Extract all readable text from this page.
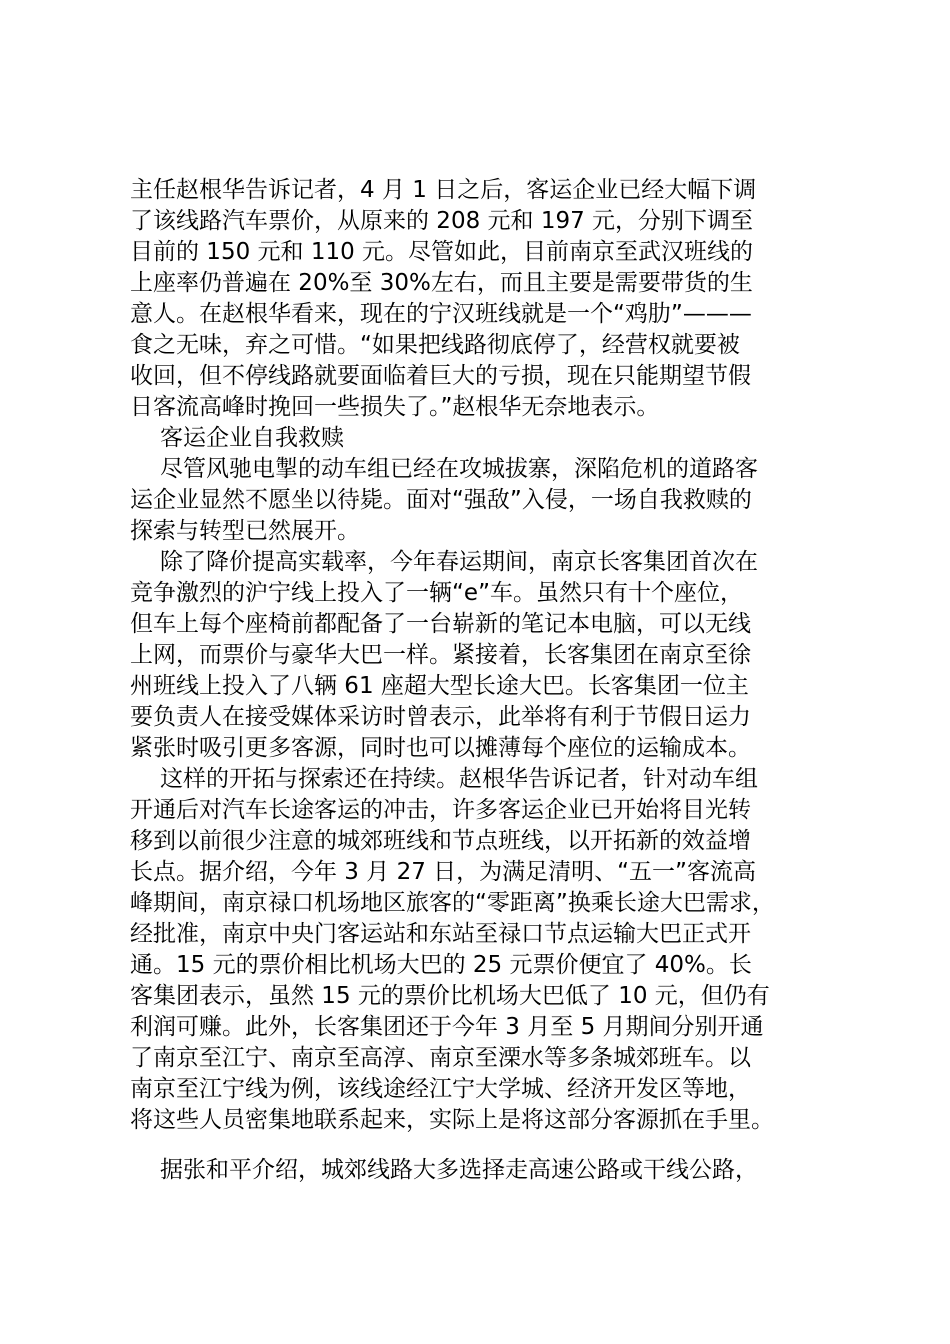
主任赵根华告诉记者，4 月 1 日之后，客运企业已经大幅下调
了该线路汽车票价，从原来的 208 元和 197 元，分别下调至
目前的 150 元和 110 元。尽管如此，目前南京至武汉班线的
上座率仍普遍在 20%至 30%左右，而且主要是需要带货的生
意人。在赵根华看来，现在的宁汉班线就是一个“鸡肋”———
食之无味，弃之可惜。“如果把线路彻底停了，经营权就要被
收回，但不停线路就要面临着巨大的亏损，现在只能期望节假
日客流高峰时挽回一些损失了。”赵根华无奈地表示。
客运企业自我救赎
尽管风驰电掣的动车组已经在攻城拔寨，深陷危机的道路客
运企业显然不愿坐以待毙。面对“强敌”入侵，一场自我救赎的
探索与转型已然展开。
除了降价提高实载率，今年春运期间，南京长客集团首次在
竞争激烈的沪宁线上投入了一辆“e”车。虽然只有十个座位，
但车上每个座椅前都配备了一台崭新的笔记本电脑，可以无线
上网，而票价与豪华大巴一样。紧接着，长客集团在南京至徐
州班线上投入了八辆 61 座超大型长途大巴。长客集团一位主
要负责人在接受媒体采访时曾表示，此举将有利于节假日运力
紧张时吸引更多客源，同时也可以摊薄每个座位的运输成本。
这样的开拓与探索还在持续。赵根华告诉记者，针对动车组
开通后对汽车长途客运的冲击，许多客运企业已开始将目光转
移到以前很少注意的城郊班线和节点班线，以开拓新的效益增
长点。据介绍，今年 3 月 27 日，为满足清明、“五一”客流高
峰期间，南京禄口机场地区旅客的“零距离”换乘长途大巴需求，
经批准，南京中央门客运站和东站至禄口节点运输大巴正式开
通。15 元的票价相比机场大巴的 25 元票价便宜了 40%。长
客集团表示，虽然 15 元的票价比机场大巴低了 10 元，但仍有
利润可赚。此外，长客集团还于今年 3 月至 5 月期间分别开通
了南京至江宁、南京至高淳、南京至溧水等多条城郊班车。以
南京至江宁线为例，该线途经江宁大学城、经济开发区等地，
将这些人员密集地联系起来，实际上是将这部分客源抓在手里。
据张和平介绍，城郊线路大多选择走高速公路或干线公路，
